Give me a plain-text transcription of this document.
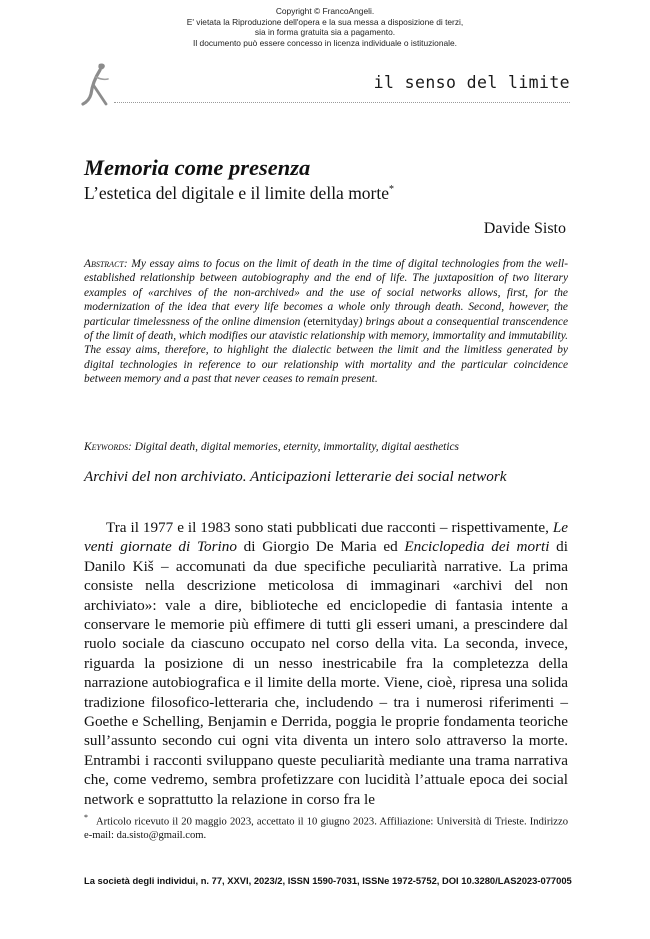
Copyright © FrancoAngeli.
E' vietata la Riproduzione dell'opera e la sua messa a disposizione di terzi,
sia in forma gratuita sia a pagamento.
Il documento può essere concesso in licenza individuale o istituzionale.
il senso del limite
Memoria come presenza
L’estetica del digitale e il limite della morte*
Davide Sisto
Abstract: My essay aims to focus on the limit of death in the time of digital technologies from the well-established relationship between autobiography and the end of life. The juxtaposition of two literary examples of «archives of the non-archived» and the use of social networks allows, first, for the modernization of the idea that every life becomes a whole only through death. Second, however, the particular timelessness of the online dimension (eternityday) brings about a consequential transcendence of the limit of death, which modifies our atavistic relationship with memory, immortality and immutability. The essay aims, therefore, to highlight the dialectic between the limit and the limitless generated by digital technologies in reference to our relationship with mortality and the particular coincidence between memory and a past that never ceases to remain present.
Keywords: Digital death, digital memories, eternity, immortality, digital aesthetics
Archivi del non archiviato. Anticipazioni letterarie dei social network

Tra il 1977 e il 1983 sono stati pubblicati due racconti – rispettivamente, Le venti giornate di Torino di Giorgio De Maria ed Enciclopedia dei morti di Danilo Kiš – accomunati da due specifiche peculiarità narrative. La prima consiste nella descrizione meticolosa di immaginari «archivi del non archiviato»: vale a dire, biblioteche ed enciclopedie di fantasia intente a conservare le memorie più effimere di tutti gli esseri umani, a prescindere dal ruolo sociale da ciascuno occupato nel corso della vita. La seconda, invece, riguarda la posizione di un nesso inestricabile fra la completezza della narrazione autobiografica e il limite della morte. Viene, cioè, ripresa una solida tradizione filosofico-letteraria che, includendo – tra i numerosi riferimenti – Goethe e Schelling, Benjamin e Derrida, poggia le proprie fondamenta teoriche sull’assunto secondo cui ogni vita diventa un intero solo attraverso la morte. Entrambi i racconti sviluppano queste peculiarità mediante una trama narrativa che, come vedremo, sembra profetizzare con lucidità l’attuale epoca dei social network e soprattutto la relazione in corso fra le

* Articolo ricevuto il 20 maggio 2023, accettato il 10 giugno 2023. Affiliazione: Università di Trieste. Indirizzo e-mail: da.sisto@gmail.com.
La società degli individui, n. 77, XXVI, 2023/2, ISSN 1590-7031, ISSNe 1972-5752, DOI 10.3280/LAS2023-077005
